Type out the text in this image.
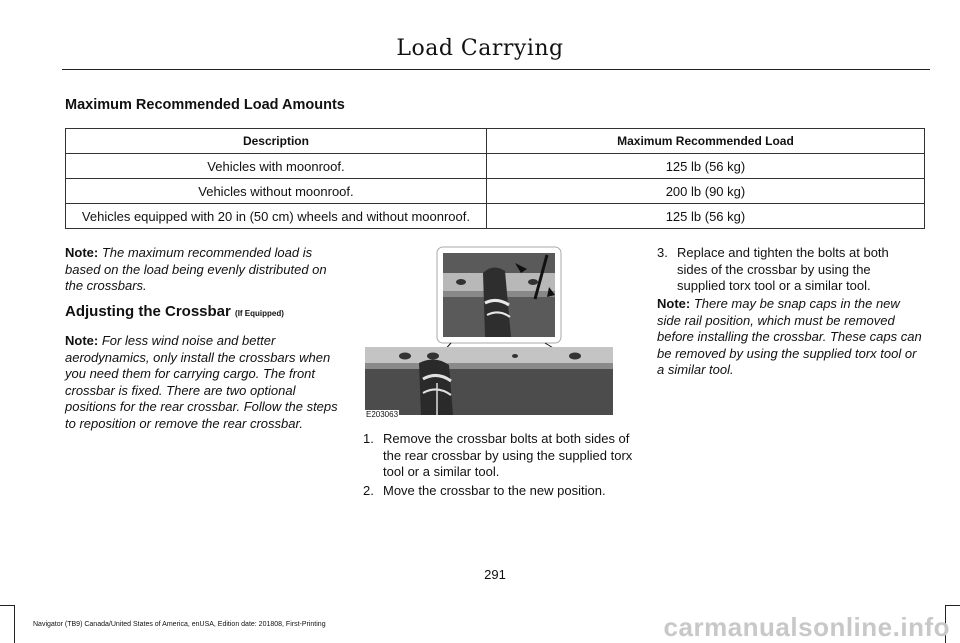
Load Carrying
Maximum Recommended Load Amounts
Description	Maximum Recommended Load
Vehicles with moonroof.	125 lb (56 kg)
Vehicles without moonroof.	200 lb (90 kg)
Vehicles equipped with 20 in (50 cm) wheels and without moonroof.	125 lb (56 kg)
Note: The maximum recommended load is based on the load being evenly distributed on the crossbars.
Adjusting the Crossbar (If Equipped)
Note: For less wind noise and better aerodynamics, only install the crossbars when you need them for carrying cargo. The front crossbar is fixed. There are two optional positions for the rear crossbar. Follow the steps to reposition or remove the rear crossbar.
E203063
1. Remove the crossbar bolts at both sides of the rear crossbar by using the supplied torx tool or a similar tool.
2. Move the crossbar to the new position.
3. Replace and tighten the bolts at both sides of the crossbar by using the supplied torx tool or a similar tool.
Note: There may be snap caps in the new side rail position, which must be removed before installing the crossbar. These caps can be removed by using the supplied torx tool or a similar tool.
291
Navigator (TB9) Canada/United States of America, enUSA, Edition date: 201808, First-Printing	carmanualsonline.info
